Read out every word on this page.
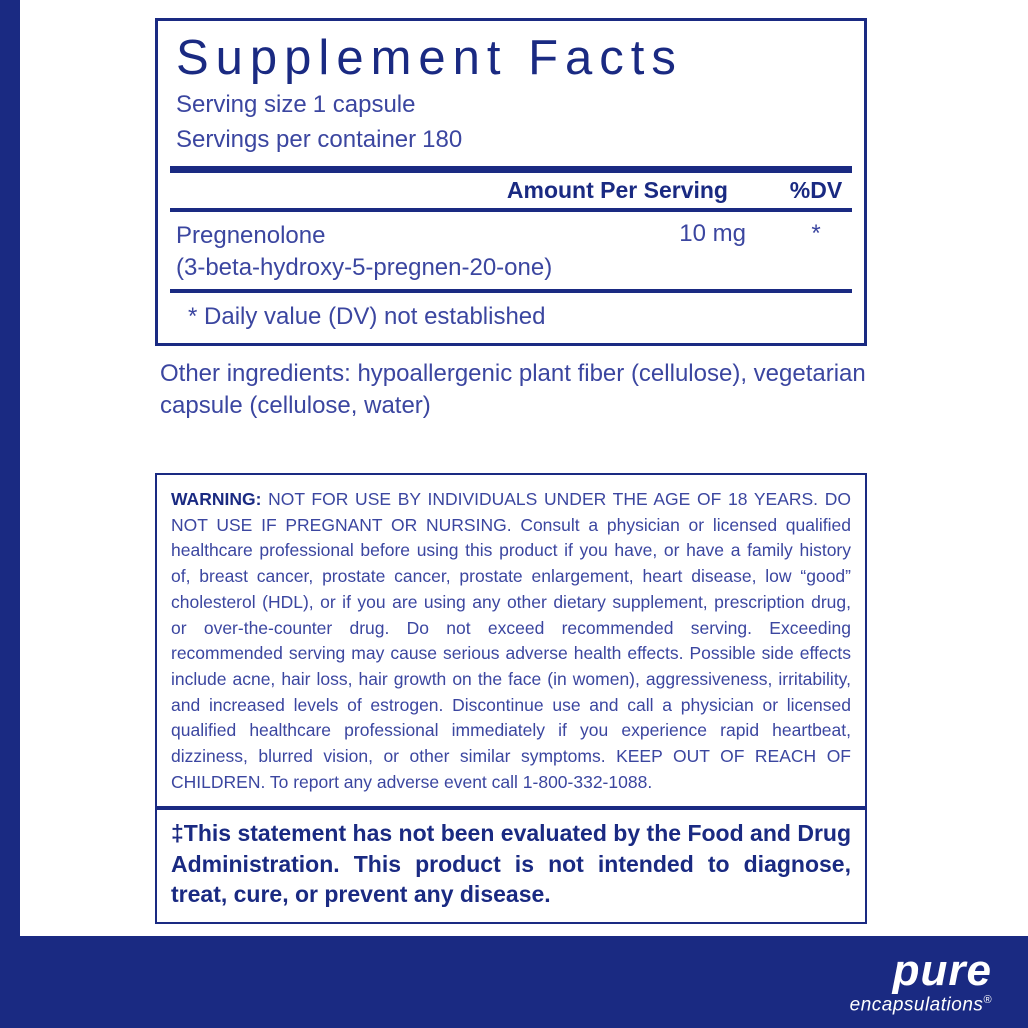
Supplement Facts
Serving size 1 capsule
Servings per container 180
Amount Per Serving	%DV
Pregnenolone
(3-beta-hydroxy-5-pregnen-20-one)
10 mg	*
* Daily value (DV) not established
Other ingredients: hypoallergenic plant fiber (cellulose), vegetarian capsule (cellulose, water)
WARNING: NOT FOR USE BY INDIVIDUALS UNDER THE AGE OF 18 YEARS. DO NOT USE IF PREGNANT OR NURSING. Consult a physician or licensed qualified healthcare professional before using this product if you have, or have a family history of, breast cancer, prostate cancer, prostate enlargement, heart disease, low “good” cholesterol (HDL), or if you are using any other dietary supplement, prescription drug, or over-the-counter drug. Do not exceed recommended serving. Exceeding recommended serving may cause serious adverse health effects. Possible side effects include acne, hair loss, hair growth on the face (in women), aggressiveness, irritability, and increased levels of estrogen. Discontinue use and call a physician or licensed qualified healthcare professional immediately if you experience rapid heartbeat, dizziness, blurred vision, or other similar symptoms. KEEP OUT OF REACH OF CHILDREN. To report any adverse event call 1-800-332-1088.
‡This statement has not been evaluated by the Food and Drug Administration. This product is not intended to diagnose, treat, cure, or prevent any disease.
pure
encapsulations®
